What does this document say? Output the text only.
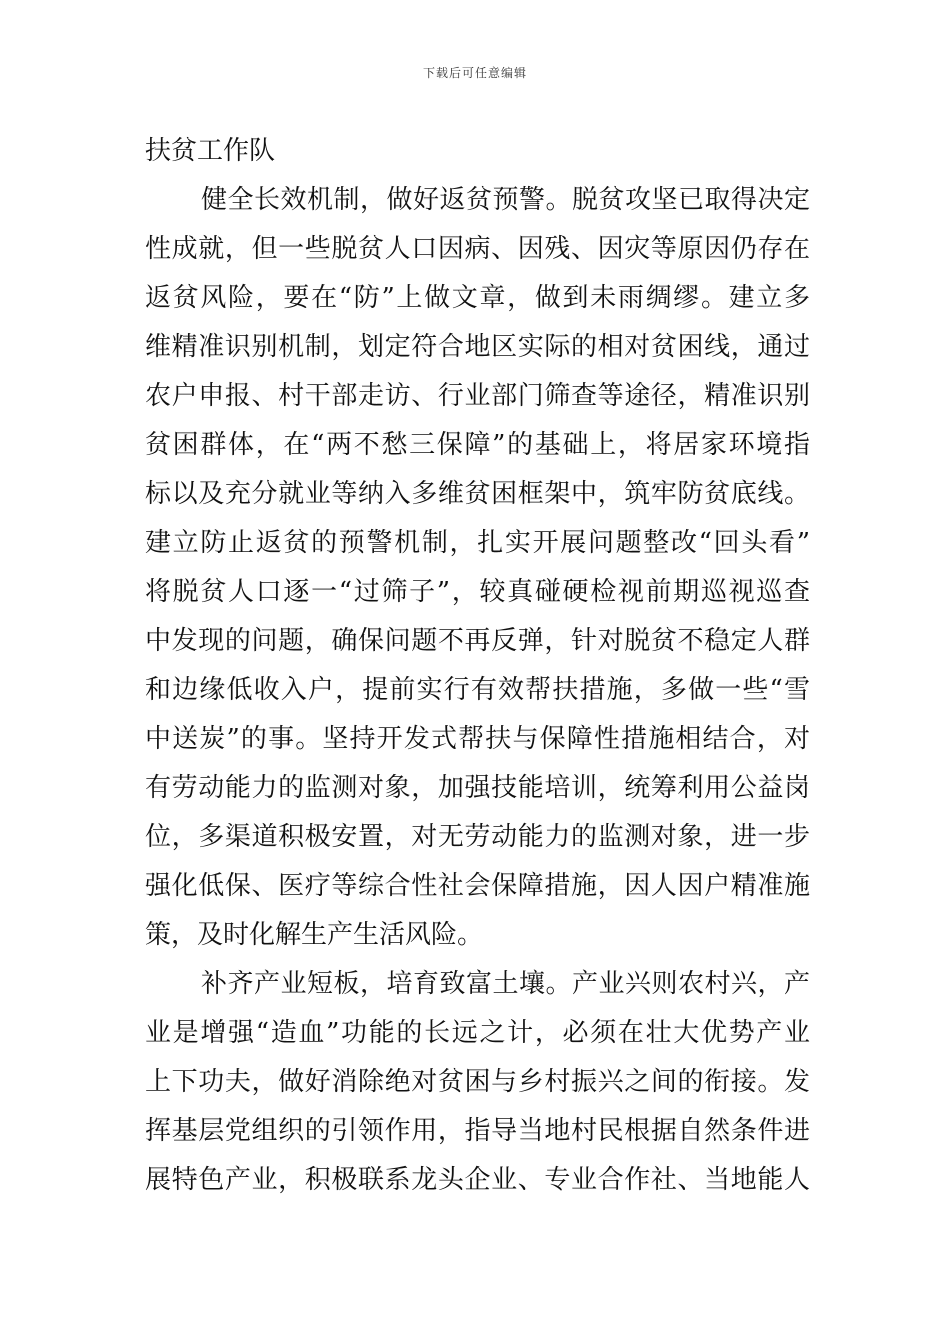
下载后可任意编辑
扶贫工作队
健全长效机制，做好返贫预警。脱贫攻坚已取得决定
性成就，但一些脱贫人口因病、因残、因灾等原因仍存在
返贫风险，要在“防”上做文章，做到未雨绸缪。建立多
维精准识别机制，划定符合地区实际的相对贫困线，通过
农户申报、村干部走访、行业部门筛查等途径，精准识别
贫困群体，在“两不愁三保障”的基础上，将居家环境指
标以及充分就业等纳入多维贫困框架中，筑牢防贫底线。
建立防止返贫的预警机制，扎实开展问题整改“回头看”
将脱贫人口逐一“过筛子”，较真碰硬检视前期巡视巡查
中发现的问题，确保问题不再反弹，针对脱贫不稳定人群
和边缘低收入户，提前实行有效帮扶措施，多做一些“雪
中送炭”的事。坚持开发式帮扶与保障性措施相结合，对
有劳动能力的监测对象，加强技能培训，统筹利用公益岗
位，多渠道积极安置，对无劳动能力的监测对象，进一步
强化低保、医疗等综合性社会保障措施，因人因户精准施
策，及时化解生产生活风险。
补齐产业短板，培育致富土壤。产业兴则农村兴，产
业是增强“造血”功能的长远之计，必须在壮大优势产业
上下功夫，做好消除绝对贫困与乡村振兴之间的衔接。发
挥基层党组织的引领作用，指导当地村民根据自然条件进
展特色产业，积极联系龙头企业、专业合作社、当地能人
